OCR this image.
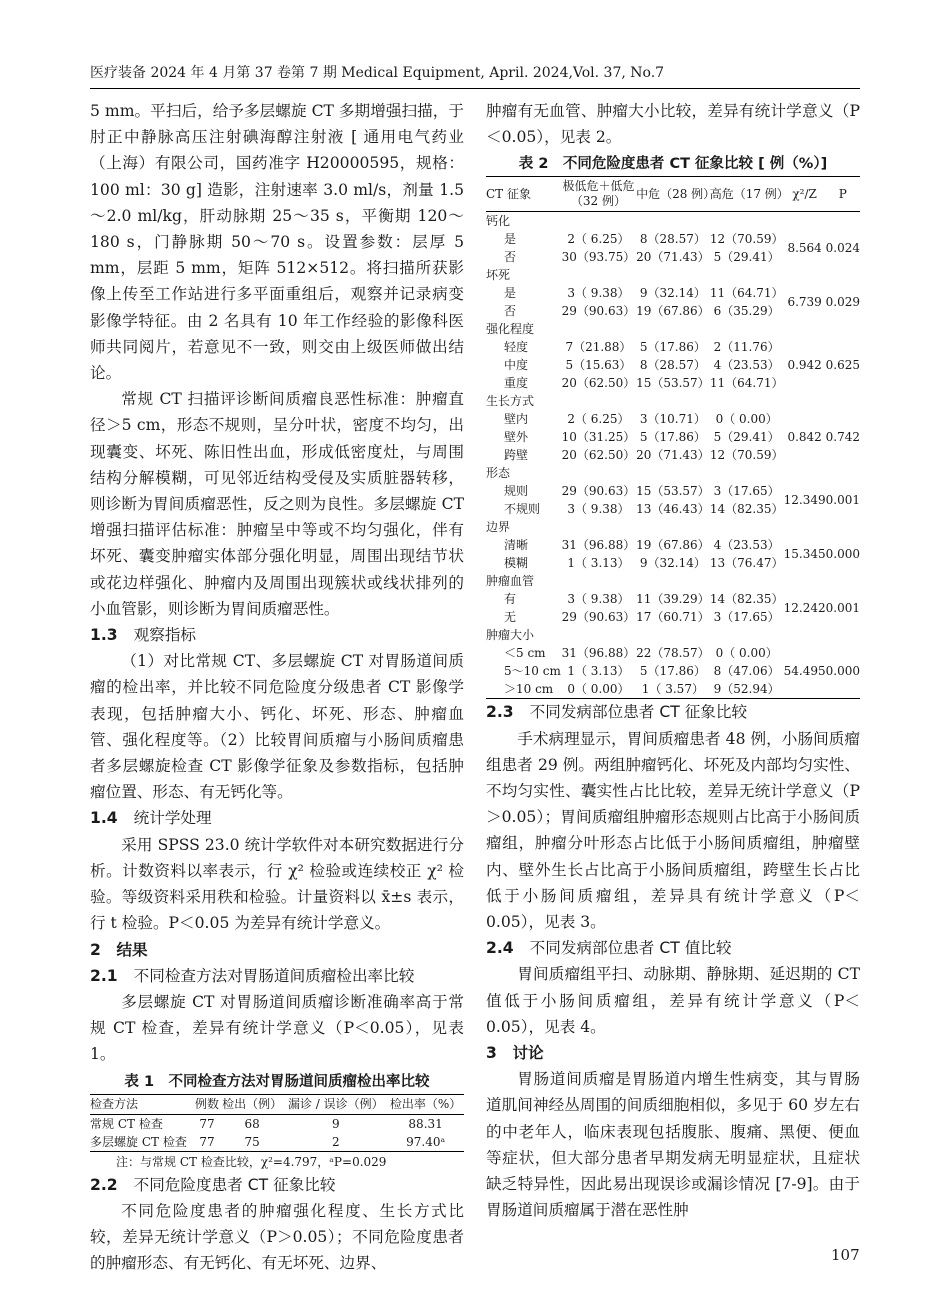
医疗装备 2024 年 4 月第 37 卷第 7 期 Medical Equipment, April. 2024,Vol. 37, No.7

5 mm。平扫后，给予多层螺旋 CT 多期增强扫描，于肘正中静脉高压注射碘海醇注射液 [ 通用电气药业（上海）有限公司，国药准字 H20000595，规格：100 ml：30 g] 造影，注射速率 3.0 ml/s，剂量 1.5～2.0 ml/kg，肝动脉期 25～35 s，平衡期 120～180 s，门静脉期 50～70 s。设置参数：层厚 5 mm，层距 5 mm，矩阵 512×512。将扫描所获影像上传至工作站进行多平面重组后，观察并记录病变影像学特征。由 2 名具有 10 年工作经验的影像科医师共同阅片，若意见不一致，则交由上级医师做出结论。

常规 CT 扫描评诊断间质瘤良恶性标准：肿瘤直径＞5 cm，形态不规则，呈分叶状，密度不均匀，出现囊变、坏死、陈旧性出血，形成低密度灶，与周围结构分解模糊，可见邻近结构受侵及实质脏器转移，则诊断为胃间质瘤恶性，反之则为良性。多层螺旋 CT 增强扫描评估标准：肿瘤呈中等或不均匀强化，伴有坏死、囊变肿瘤实体部分强化明显，周围出现结节状或花边样强化、肿瘤内及周围出现簇状或线状排列的小血管影，则诊断为胃间质瘤恶性。

1.3 观察指标

（1）对比常规 CT、多层螺旋 CT 对胃肠道间质瘤的检出率，并比较不同危险度分级患者 CT 影像学表现，包括肿瘤大小、钙化、坏死、形态、肿瘤血管、强化程度等。（2）比较胃间质瘤与小肠间质瘤患者多层螺旋检查 CT 影像学征象及参数指标，包括肿瘤位置、形态、有无钙化等。

1.4 统计学处理

采用 SPSS 23.0 统计学软件对本研究数据进行分析。计数资料以率表示，行 χ² 检验或连续校正 χ² 检验。等级资料采用秩和检验。计量资料以 x̄±s 表示，行 t 检验。P＜0.05 为差异有统计学意义。

2　结果
2.1 不同检查方法对胃肠道间质瘤检出率比较

多层螺旋 CT 对胃肠道间质瘤诊断准确率高于常规 CT 检查，差异有统计学意义（P＜0.05），见表 1。

表 1　不同检查方法对胃肠道间质瘤检出率比较
检查方法	例数	检出（例）	漏诊 / 误诊（例）	检出率（%）
常规 CT 检查	77	68	9	88.31
多层螺旋 CT 检查	77	75	2	97.40ᵃ
注：与常规 CT 检查比较，χ²=4.797，ᵃP=0.029
2.2 不同危险度患者 CT 征象比较

不同危险度患者的肿瘤强化程度、生长方式比较，差异无统计学意义（P＞0.05）；不同危险度患者的肿瘤形态、有无钙化、有无坏死、边界、

肿瘤有无血管、肿瘤大小比较，差异有统计学意义（P＜0.05），见表 2。

表 2　不同危险度患者 CT 征象比较 [ 例（%）]
CT 征象	极低危＋低危（32 例）	中危（28 例）	高危（17 例）	χ²/Z	P
钙化				8.564	0.024
是	2（ 6.25）	8（28.57）	12（70.59）		
否	30（93.75）	20（71.43）	5（29.41）		
坏死				6.739	0.029
是	3（ 9.38）	9（32.14）	11（64.71）		
否	29（90.63）	19（67.86）	6（35.29）		
强化程度				0.942	0.625
轻度	7（21.88）	5（17.86）	2（11.76）		
中度	5（15.63）	8（28.57）	4（23.53）		
重度	20（62.50）	15（53.57）	11（64.71）		
生长方式				0.842	0.742
壁内	2（ 6.25）	3（10.71）	0（ 0.00）		
壁外	10（31.25）	5（17.86）	5（29.41）		
跨壁	20（62.50）	20（71.43）	12（70.59）		
形态				12.349	0.001
规则	29（90.63）	15（53.57）	3（17.65）		
不规则	3（ 9.38）	13（46.43）	14（82.35）		
边界				15.345	0.000
清晰	31（96.88）	19（67.86）	4（23.53）		
模糊	1（ 3.13）	9（32.14）	13（76.47）		
肿瘤血管				12.242	0.001
有	3（ 9.38）	11（39.29）	14（82.35）		
无	29（90.63）	17（60.71）	3（17.65）		
肿瘤大小				54.495	0.000
＜5 cm	31（96.88）	22（78.57）	0（ 0.00）		
5～10 cm	1（ 3.13）	5（17.86）	8（47.06）		
＞10 cm	0（ 0.00）	1（ 3.57）	9（52.94）		
2.3 不同发病部位患者 CT 征象比较

手术病理显示，胃间质瘤患者 48 例，小肠间质瘤组患者 29 例。两组肿瘤钙化、坏死及内部均匀实性、不均匀实性、囊实性占比比较，差异无统计学意义（P＞0.05）；胃间质瘤组肿瘤形态规则占比高于小肠间质瘤组，肿瘤分叶形态占比低于小肠间质瘤组，肿瘤壁内、壁外生长占比高于小肠间质瘤组，跨壁生长占比低于小肠间质瘤组，差异具有统计学意义（P＜0.05），见表 3。

2.4 不同发病部位患者 CT 值比较

胃间质瘤组平扫、动脉期、静脉期、延迟期的 CT 值低于小肠间质瘤组，差异有统计学意义（P＜0.05），见表 4。

3　讨论

胃肠道间质瘤是胃肠道内增生性病变，其与胃肠道肌间神经丛周围的间质细胞相似，多见于 60 岁左右的中老年人，临床表现包括腹胀、腹痛、黑便、便血等症状，但大部分患者早期发病无明显症状，且症状缺乏特异性，因此易出现误诊或漏诊情况 [7-9]。由于胃肠道间质瘤属于潜在恶性肿

107
